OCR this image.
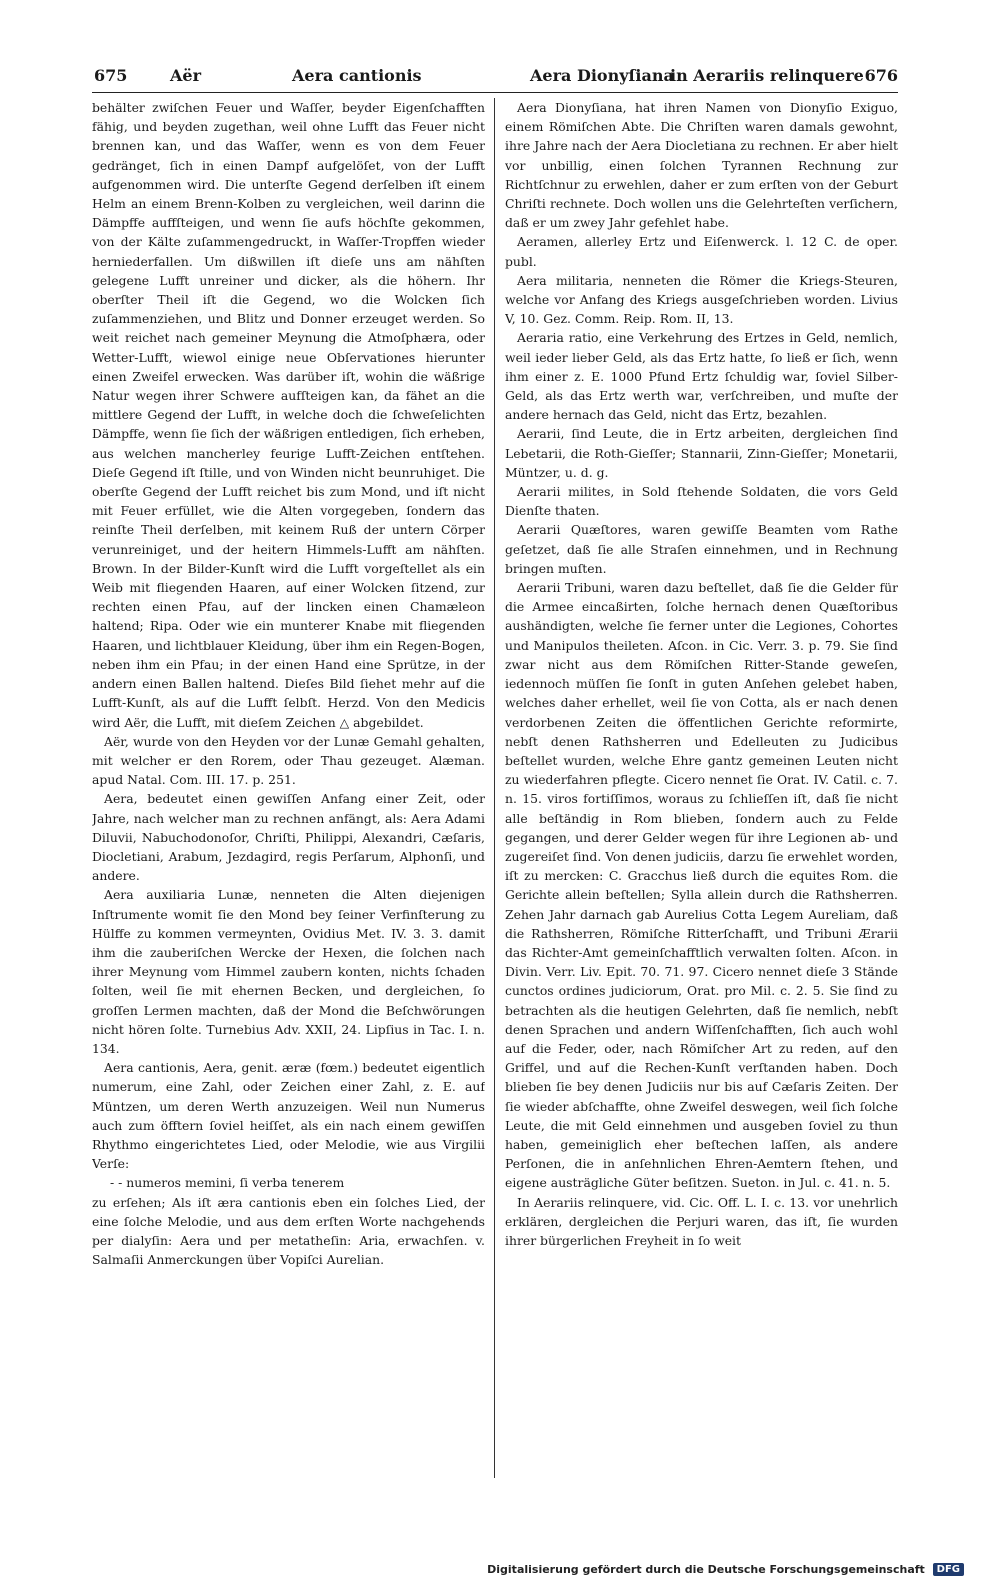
675	Aër	Aera cantionis	Aera Dionyſiana
in Aerariis relinquere 676

behälter zwiſchen Feuer und Waſſer, beyder Eigenſchafften fähig, und beyden zugethan, weil ohne Lufft das Feuer nicht brennen kan, und das Waſſer, wenn es von dem Feuer gedränget, ſich in einen Dampf aufgelöſet, von der Lufft aufgenommen wird. Die unterſte Gegend derſelben iſt einem Helm an einem Brenn-Kolben zu vergleichen, weil darinn die Dämpffe auffſteigen, und wenn ſie aufs höchſte gekommen, von der Kälte zuſammengedruckt, in Waſſer-Tropffen wieder herniederfallen. Um dißwillen iſt dieſe uns am nähſten gelegene Lufft unreiner und dicker, als die höhern. Ihr oberſter Theil iſt die Gegend, wo die Wolcken ſich zuſammenziehen, und Blitz und Donner erzeuget werden. So weit reichet nach gemeiner Meynung die Atmoſphæra, oder Wetter-Lufft, wiewol einige neue Obſervationes hierunter einen Zweifel erwecken. Was darüber iſt, wohin die wäßrige Natur wegen ihrer Schwere aufſteigen kan, da fähet an die mittlere Gegend der Lufft, in welche doch die ſchweſelichten Dämpffe, wenn ſie ſich der wäßrigen entledigen, ſich erheben, aus welchen mancherley feurige Lufft-Zeichen entſtehen. Dieſe Gegend iſt ſtille, und von Winden nicht beunruhiget. Die oberſte Gegend der Lufft reichet bis zum Mond, und iſt nicht mit Feuer erfüllet, wie die Alten vorgegeben, ſondern das reinſte Theil derſelben, mit keinem Ruß der untern Cörper verunreiniget, und der heitern Himmels-Lufft am nähſten. Brown. In der Bilder-Kunſt wird die Lufft vorgeſtellet als ein Weib mit fliegenden Haaren, auf einer Wolcken ſitzend, zur rechten einen Pfau, auf der lincken einen Chamæleon haltend; Ripa. Oder wie ein munterer Knabe mit fliegenden Haaren, und lichtblauer Kleidung, über ihm ein Regen-Bogen, neben ihm ein Pfau; in der einen Hand eine Sprütze, in der andern einen Ballen haltend. Dieſes Bild ſiehet mehr auf die Lufft-Kunſt, als auf die Lufft ſelbſt. Herzd. Von den Medicis wird Aër, die Lufft, mit dieſem Zeichen △ abgebildet.

Aër, wurde von den Heyden vor der Lunæ Gemahl gehalten, mit welcher er den Rorem, oder Thau gezeuget. Alæman. apud Natal. Com. III. 17. p. 251.

Aera, bedeutet einen gewiſſen Anfang einer Zeit, oder Jahre, nach welcher man zu rechnen anfängt, als: Aera Adami Diluvii, Nabuchodonoſor, Chriſti, Philippi, Alexandri, Cæſaris, Diocletiani, Arabum, Jezdagird, regis Perſarum, Alphonſi, und andere.

Aera auxiliaria Lunæ, nenneten die Alten diejenigen Inſtrumente womit ſie den Mond bey ſeiner Verfinſterung zu Hülffe zu kommen vermeynten, Ovidius Met. IV. 3. 3. damit ihm die zauberiſchen Wercke der Hexen, die ſolchen nach ihrer Meynung vom Himmel zaubern konten, nichts ſchaden ſolten, weil ſie mit ehernen Becken, und dergleichen, ſo groſſen Lermen machten, daß der Mond die Beſchwörungen nicht hören ſolte. Turnebius Adv. XXII, 24. Lipſius in Tac. I. n. 134.

Aera cantionis, Aera, genit. æræ (fœm.) bedeutet eigentlich numerum, eine Zahl, oder Zeichen einer Zahl, z. E. auf Müntzen, um deren Werth anzuzeigen. Weil nun Numerus auch zum öfftern ſoviel heiſſet, als ein nach einem gewiſſen Rhythmo eingerichtetes Lied, oder Melodie, wie aus Virgilii Verſe:

- - numeros memini, ſi verba tenerem

zu erſehen; Als iſt æra cantionis eben ein ſolches Lied, der eine ſolche Melodie, und aus dem erſten Worte nachgehends per dialyſin: Aera und per metatheſin: Aria, erwachſen. v. Salmaſii Anmerckungen über Vopiſci Aurelian.

Aera Dionyſiana, hat ihren Namen von Dionyſio Exiguo, einem Römiſchen Abte. Die Chriſten waren damals gewohnt, ihre Jahre nach der Aera Diocletiana zu rechnen. Er aber hielt vor unbillig, einen ſolchen Tyrannen Rechnung zur Richtſchnur zu erwehlen, daher er zum erſten von der Geburt Chriſti rechnete. Doch wollen uns die Gelehrteſten verſichern, daß er um zwey Jahr gefehlet habe.

Aeramen, allerley Ertz und Eiſenwerck. l. 12 C. de oper. publ.

Aera militaria, nenneten die Römer die Kriegs-Steuren, welche vor Anfang des Kriegs ausgeſchrieben worden. Livius V, 10. Gez. Comm. Reip. Rom. II, 13.

Aeraria ratio, eine Verkehrung des Ertzes in Geld, nemlich, weil ieder lieber Geld, als das Ertz hatte, ſo ließ er ſich, wenn ihm einer z. E. 1000 Pfund Ertz ſchuldig war, ſoviel Silber-Geld, als das Ertz werth war, verſchreiben, und muſte der andere hernach das Geld, nicht das Ertz, bezahlen.

Aerarii, ſind Leute, die in Ertz arbeiten, dergleichen ſind Lebetarii, die Roth-Gieſſer; Stannarii, Zinn-Gieſſer; Monetarii, Müntzer, u. d. g.

Aerarii milites, in Sold ſtehende Soldaten, die vors Geld Dienſte thaten.

Aerarii Quæſtores, waren gewiſſe Beamten vom Rathe geſetzet, daß ſie alle Straſen einnehmen, und in Rechnung bringen muſten.

Aerarii Tribuni, waren dazu beſtellet, daß ſie die Gelder für die Armee eincaßirten, ſolche hernach denen Quæſtoribus aushändigten, welche ſie ferner unter die Legiones, Cohortes und Manipulos theileten. Aſcon. in Cic. Verr. 3. p. 79. Sie ſind zwar nicht aus dem Römiſchen Ritter-Stande geweſen, iedennoch müſſen ſie ſonſt in guten Anſehen gelebet haben, welches daher erhellet, weil ſie von Cotta, als er nach denen verdorbenen Zeiten die öffentlichen Gerichte reformirte, nebſt denen Rathsherren und Edelleuten zu Judicibus beſtellet wurden, welche Ehre gantz gemeinen Leuten nicht zu wiederfahren pflegte. Cicero nennet ſie Orat. IV. Catil. c. 7. n. 15. viros fortiſſimos, woraus zu ſchlieſſen iſt, daß ſie nicht alle beſtändig in Rom blieben, ſondern auch zu Felde gegangen, und derer Gelder wegen für ihre Legionen ab- und zugereiſet ſind. Von denen judiciis, darzu ſie erwehlet worden, iſt zu mercken: C. Gracchus ließ durch die equites Rom. die Gerichte allein beſtellen; Sylla allein durch die Rathsherren. Zehen Jahr darnach gab Aurelius Cotta Legem Aureliam, daß die Rathsherren, Römiſche Ritterſchafft, und Tribuni Ærarii das Richter-Amt gemeinſchafftlich verwalten ſolten. Aſcon. in Divin. Verr. Liv. Epit. 70. 71. 97. Cicero nennet dieſe 3 Stände cunctos ordines judiciorum, Orat. pro Mil. c. 2. 5. Sie ſind zu betrachten als die heutigen Gelehrten, daß ſie nemlich, nebſt denen Sprachen und andern Wiſſenſchafften, ſich auch wohl auf die Feder, oder, nach Römiſcher Art zu reden, auf den Griffel, und auf die Rechen-Kunſt verſtanden haben. Doch blieben ſie bey denen Judiciis nur bis auf Cæſaris Zeiten. Der ſie wieder abſchaffte, ohne Zweifel deswegen, weil ſich ſolche Leute, die mit Geld einnehmen und ausgeben ſoviel zu thun haben, gemeiniglich eher beſtechen laſſen, als andere Perſonen, die in anſehnlichen Ehren-Aemtern ſtehen, und eigene austrägliche Güter beſitzen. Sueton. in Jul. c. 41. n. 5.

In Aerariis relinquere, vid. Cic. Off. L. I. c. 13. vor unehrlich erklären, dergleichen die Perjuri waren, das iſt, ſie wurden ihrer bürgerlichen Freyheit in ſo weit

Digitalisierung gefördert durch die Deutsche Forschungsgemeinschaft DFG
